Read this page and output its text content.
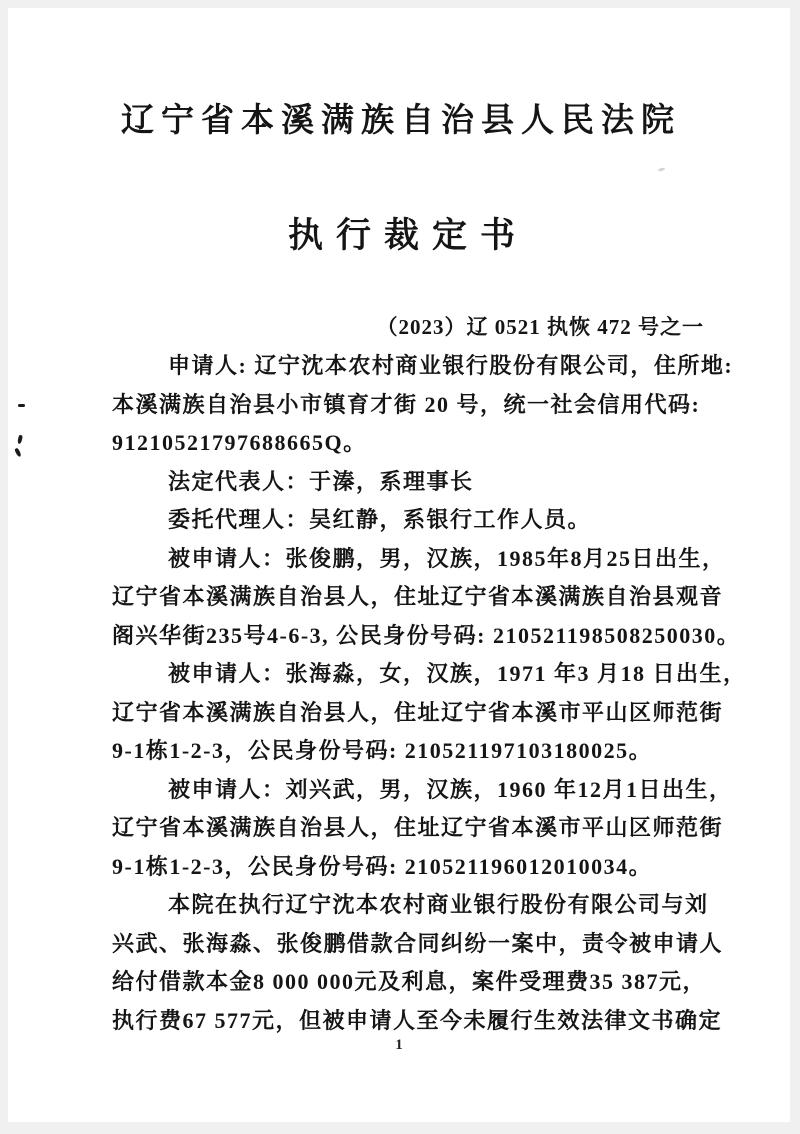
辽宁省本溪满族自治县人民法院
执行裁定书
（2023）辽 0521 执恢 472 号之一
申请人: 辽宁沈本农村商业银行股份有限公司，住所地:
本溪满族自治县小市镇育才街 20 号，统一社会信用代码:
91210521797688665Q。
法定代表人：于溱，系理事长
委托代理人：吴红静，系银行工作人员。
被申请人：张俊鹏，男，汉族，1985年8月25日出生，
辽宁省本溪满族自治县人，住址辽宁省本溪满族自治县观音
阁兴华街235号4-6-3, 公民身份号码: 210521198508250030。
被申请人：张海淼，女，汉族，1971 年3 月18 日出生，
辽宁省本溪满族自治县人，住址辽宁省本溪市平山区师范街
9-1栋1-2-3，公民身份号码: 210521197103180025。
被申请人：刘兴武，男，汉族，1960 年12月1日出生，
辽宁省本溪满族自治县人，住址辽宁省本溪市平山区师范街
9-1栋1-2-3，公民身份号码: 210521196012010034。
本院在执行辽宁沈本农村商业银行股份有限公司与刘
兴武、张海淼、张俊鹏借款合同纠纷一案中，责令被申请人
给付借款本金8 000 000元及利息，案件受理费35 387元，
执行费67 577元，但被申请人至今未履行生效法律文书确定
1
